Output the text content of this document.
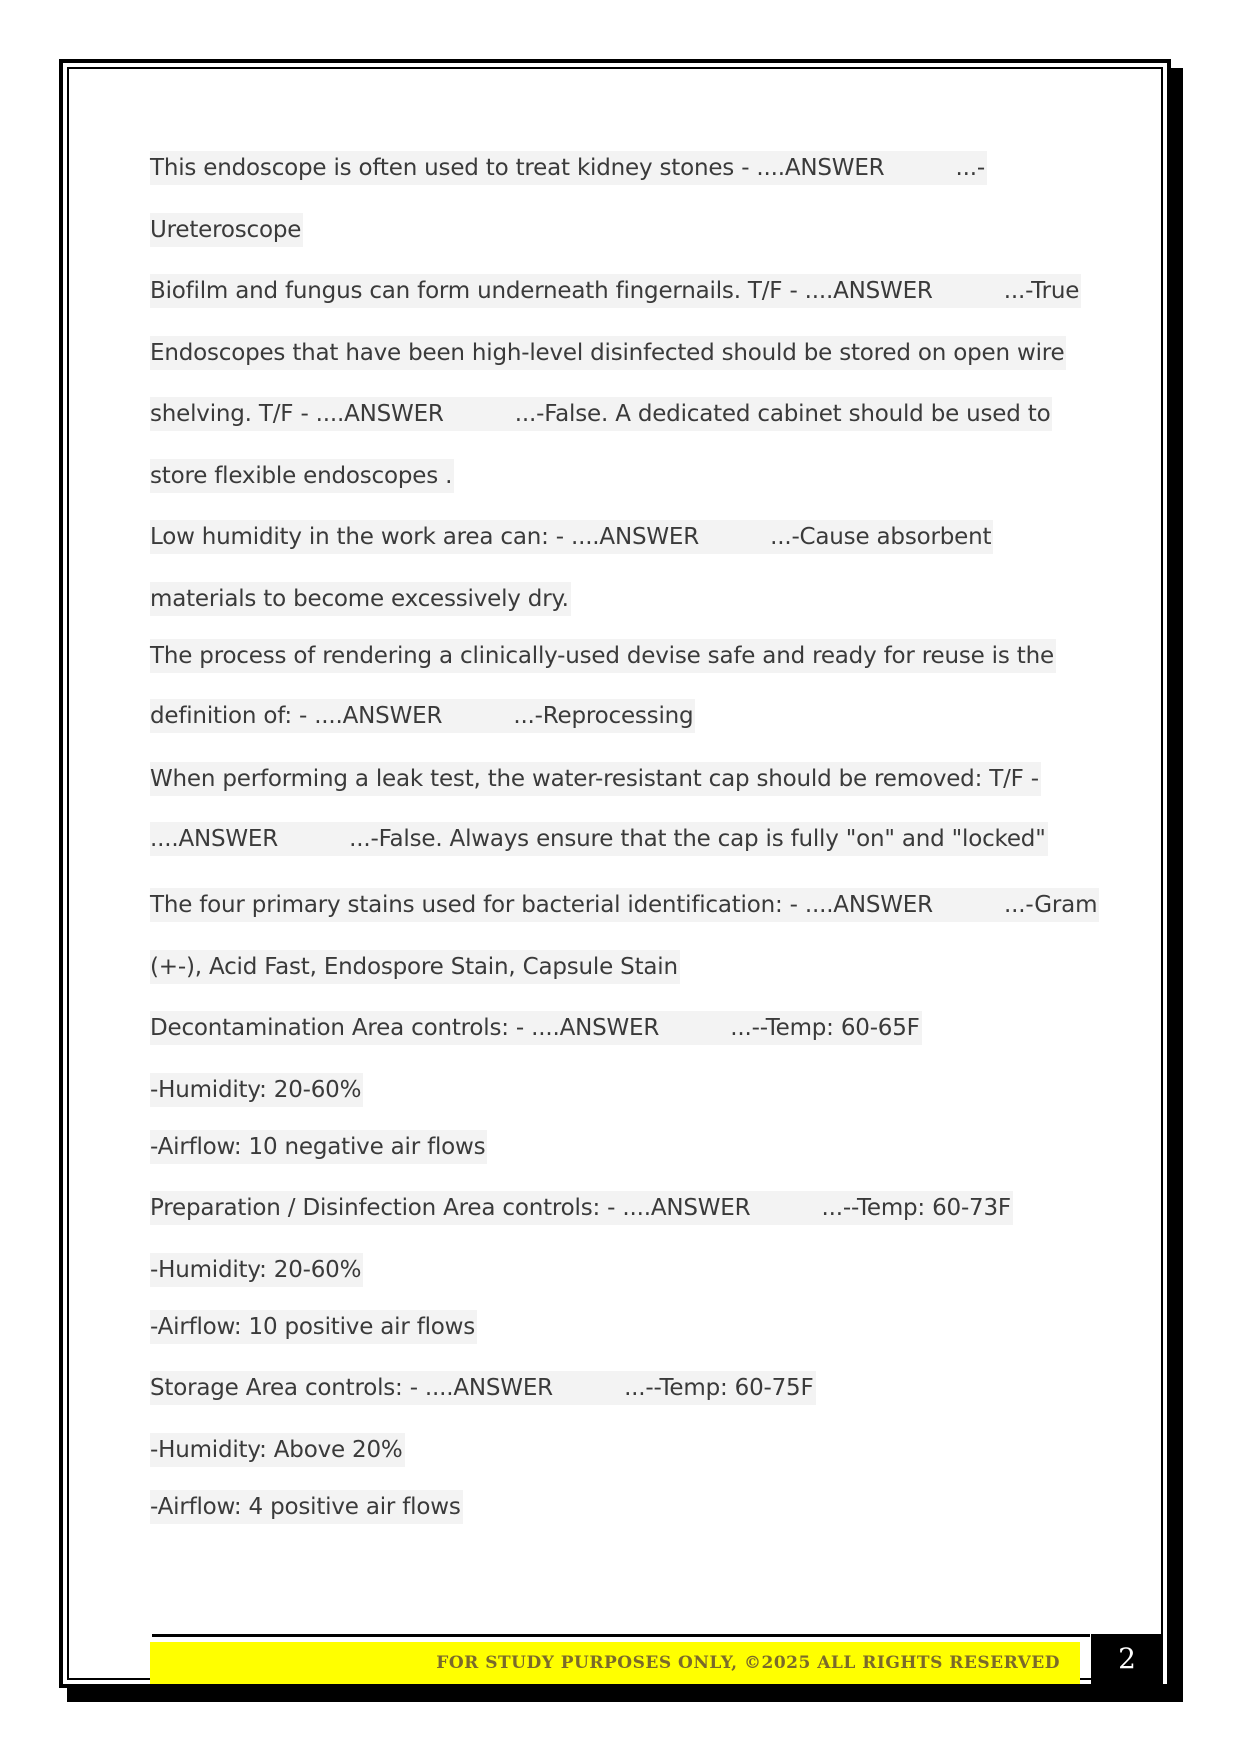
This endoscope is often used to treat kidney stones - ....ANSWER          ...-
Ureteroscope
Biofilm and fungus can form underneath fingernails. T/F - ....ANSWER          ...-True
Endoscopes that have been high-level disinfected should be stored on open wire
shelving. T/F - ....ANSWER          ...-False. A dedicated cabinet should be used to
store flexible endoscopes .
Low humidity in the work area can: - ....ANSWER          ...-Cause absorbent
materials to become excessively dry.
The process of rendering a clinically-used devise safe and ready for reuse is the
definition of: - ....ANSWER          ...-Reprocessing
When performing a leak test, the water-resistant cap should be removed: T/F -
....ANSWER          ...-False. Always ensure that the cap is fully "on" and "locked"
The four primary stains used for bacterial identification: - ....ANSWER          ...-Gram
(+-), Acid Fast, Endospore Stain, Capsule Stain
Decontamination Area controls: - ....ANSWER          ...--Temp: 60-65F
-Humidity: 20-60%
-Airflow: 10 negative air flows
Preparation / Disinfection Area controls: - ....ANSWER          ...--Temp: 60-73F
-Humidity: 20-60%
-Airflow: 10 positive air flows
Storage Area controls: - ....ANSWER          ...--Temp: 60-75F
-Humidity: Above 20%
-Airflow: 4 positive air flows
FOR STUDY PURPOSES ONLY, ©2025 ALL RIGHTS RESERVED	2
